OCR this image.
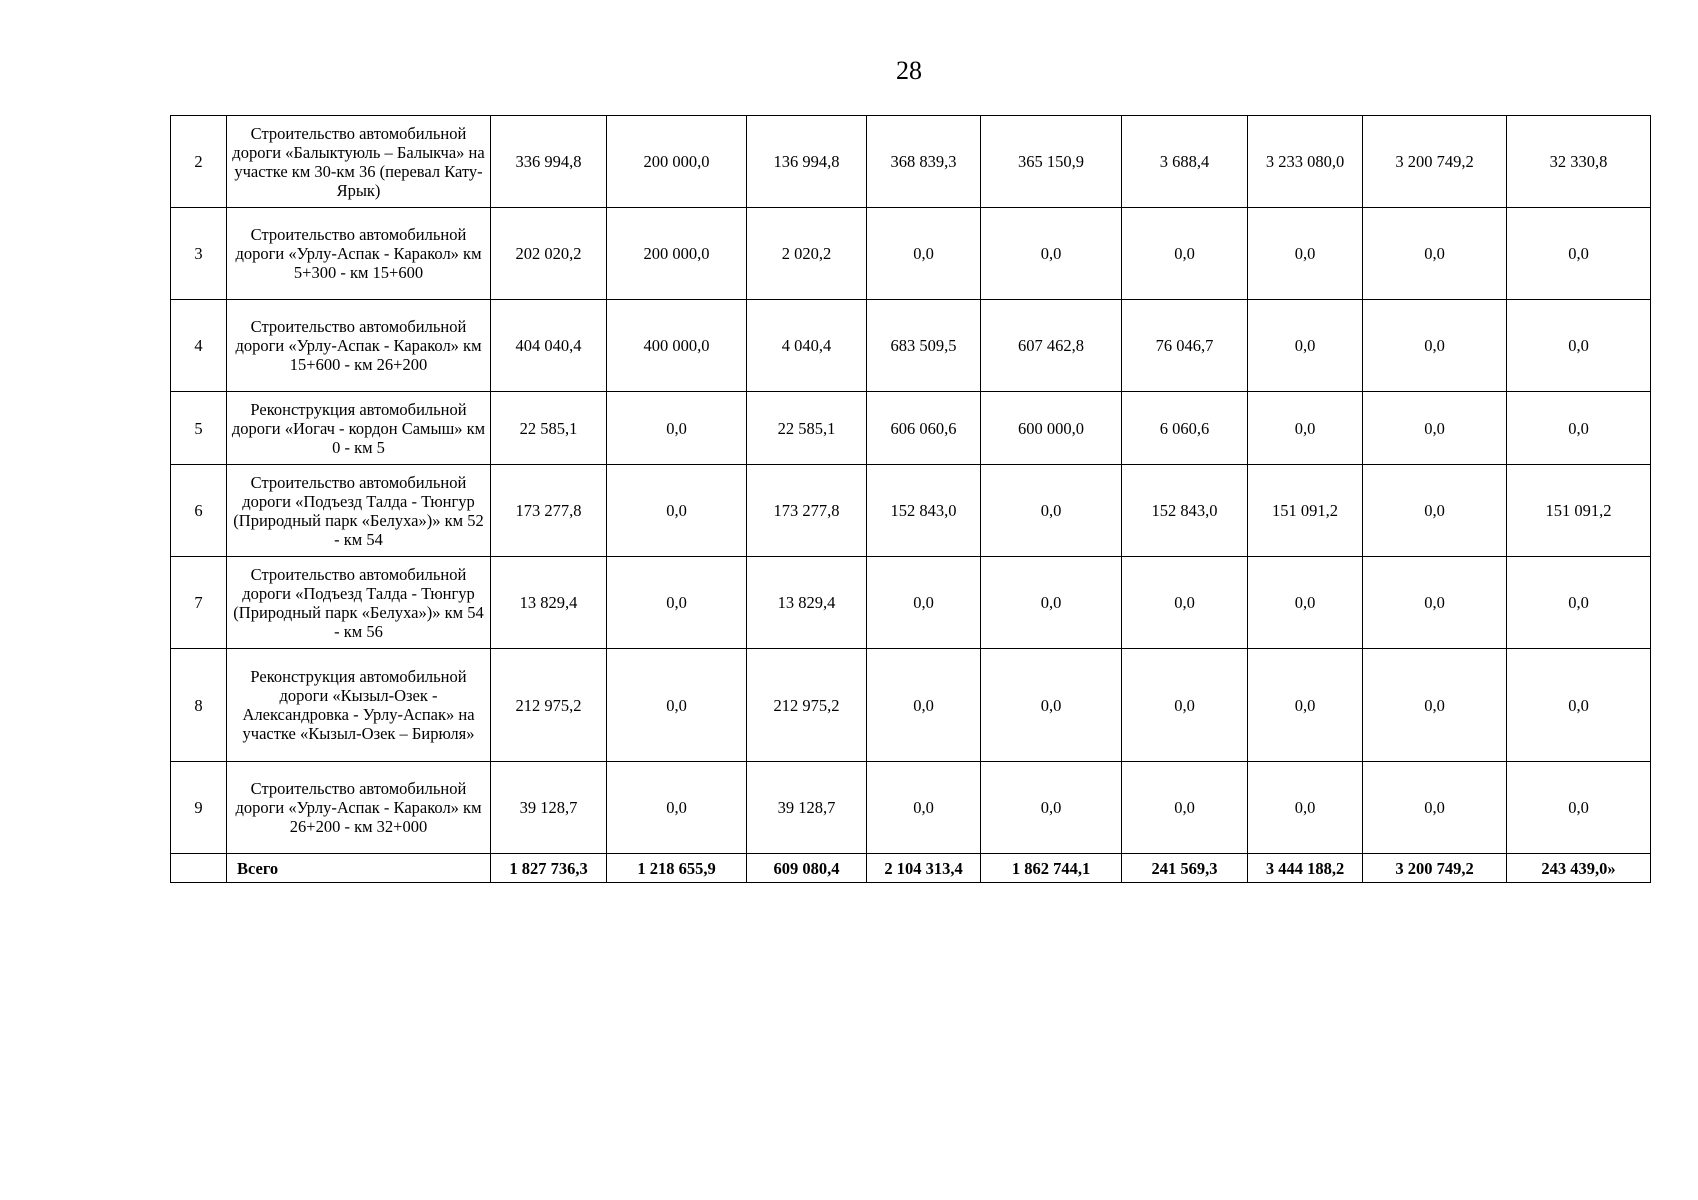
28
2	Строительство автомобильной дороги «Балыктуюль – Балыкча» на участке км 30-км 36 (перевал Кату-Ярык)	336 994,8	200 000,0	136 994,8	368 839,3	365 150,9	3 688,4	3 233 080,0	3 200 749,2	32 330,8
3	Строительство автомобильной дороги «Урлу-Аспак - Каракол» км 5+300 - км 15+600	202 020,2	200 000,0	2 020,2	0,0	0,0	0,0	0,0	0,0	0,0
4	Строительство автомобильной дороги «Урлу-Аспак - Каракол» км 15+600 - км 26+200	404 040,4	400 000,0	4 040,4	683 509,5	607 462,8	76 046,7	0,0	0,0	0,0
5	Реконструкция автомобильной дороги «Иогач - кордон Самыш» км 0 - км 5	22 585,1	0,0	22 585,1	606 060,6	600 000,0	6 060,6	0,0	0,0	0,0
6	Строительство автомобильной дороги «Подъезд Талда - Тюнгур (Природный парк «Белуха»)» км 52 - км 54	173 277,8	0,0	173 277,8	152 843,0	0,0	152 843,0	151 091,2	0,0	151 091,2
7	Строительство автомобильной дороги «Подъезд Талда - Тюнгур (Природный парк «Белуха»)» км 54 - км 56	13 829,4	0,0	13 829,4	0,0	0,0	0,0	0,0	0,0	0,0
8	Реконструкция автомобильной дороги «Кызыл-Озек - Александровка - Урлу-Аспак» на участке «Кызыл-Озек – Бирюля»	212 975,2	0,0	212 975,2	0,0	0,0	0,0	0,0	0,0	0,0
9	Строительство автомобильной дороги «Урлу-Аспак - Каракол» км 26+200 - км 32+000	39 128,7	0,0	39 128,7	0,0	0,0	0,0	0,0	0,0	0,0
	Всего	1 827 736,3	1 218 655,9	609 080,4	2 104 313,4	1 862 744,1	241 569,3	3 444 188,2	3 200 749,2	243 439,0»
